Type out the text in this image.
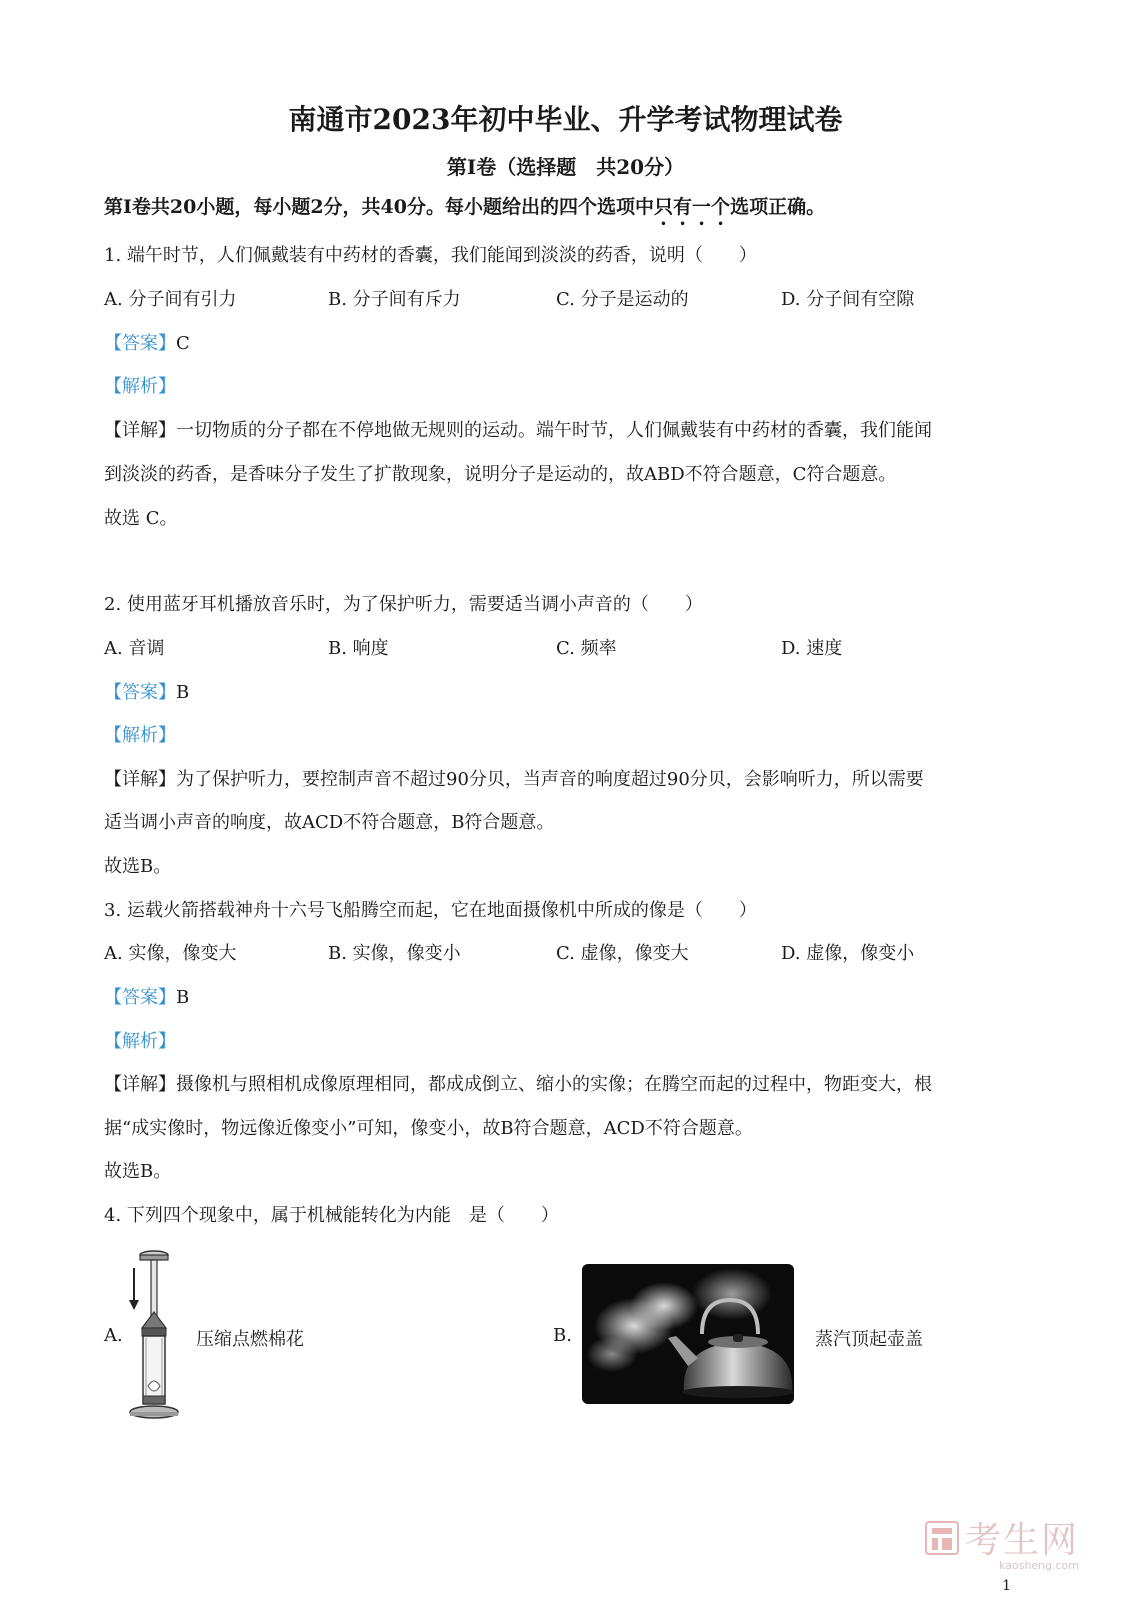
南通市2023年初中毕业、升学考试物理试卷
第Ⅰ卷（选择题　共20分）
第Ⅰ卷共20小题，每小题2分，共40分。每小题给出的四个选项中只有一个选项正确。
1. 端午时节，人们佩戴装有中药材的香囊，我们能闻到淡淡的药香，说明（　　）
A. 分子间有引力	B. 分子间有斥力	C. 分子是运动的	D. 分子间有空隙
【答案】C
【解析】
【详解】一切物质的分子都在不停地做无规则的运动。端午时节，人们佩戴装有中药材的香囊，我们能闻
到淡淡的药香，是香味分子发生了扩散现象，说明分子是运动的，故ABD不符合题意，C符合题意。
故选 C。
2. 使用蓝牙耳机播放音乐时，为了保护听力，需要适当调小声音的（　　）
A. 音调	B. 响度	C. 频率	D. 速度
【答案】B
【解析】
【详解】为了保护听力，要控制声音不超过90分贝，当声音的响度超过90分贝，会影响听力，所以需要
适当调小声音的响度，故ACD不符合题意，B符合题意。
故选B。
3. 运载火箭搭载神舟十六号飞船腾空而起，它在地面摄像机中所成的像是（　　）
A. 实像，像变大	B. 实像，像变小	C. 虚像，像变大	D. 虚像，像变小
【答案】B
【解析】
【详解】摄像机与照相机成像原理相同，都成成倒立、缩小的实像；在腾空而起的过程中，物距变大，根
据“成实像时，物远像近像变小”可知，像变小，故B符合题意，ACD不符合题意。
故选B。
4. 下列四个现象中，属于机械能转化为内能　是（　　）
A.	压缩点燃棉花	B.	蒸汽顶起壶盖
考生网
kaosheng.com
1
